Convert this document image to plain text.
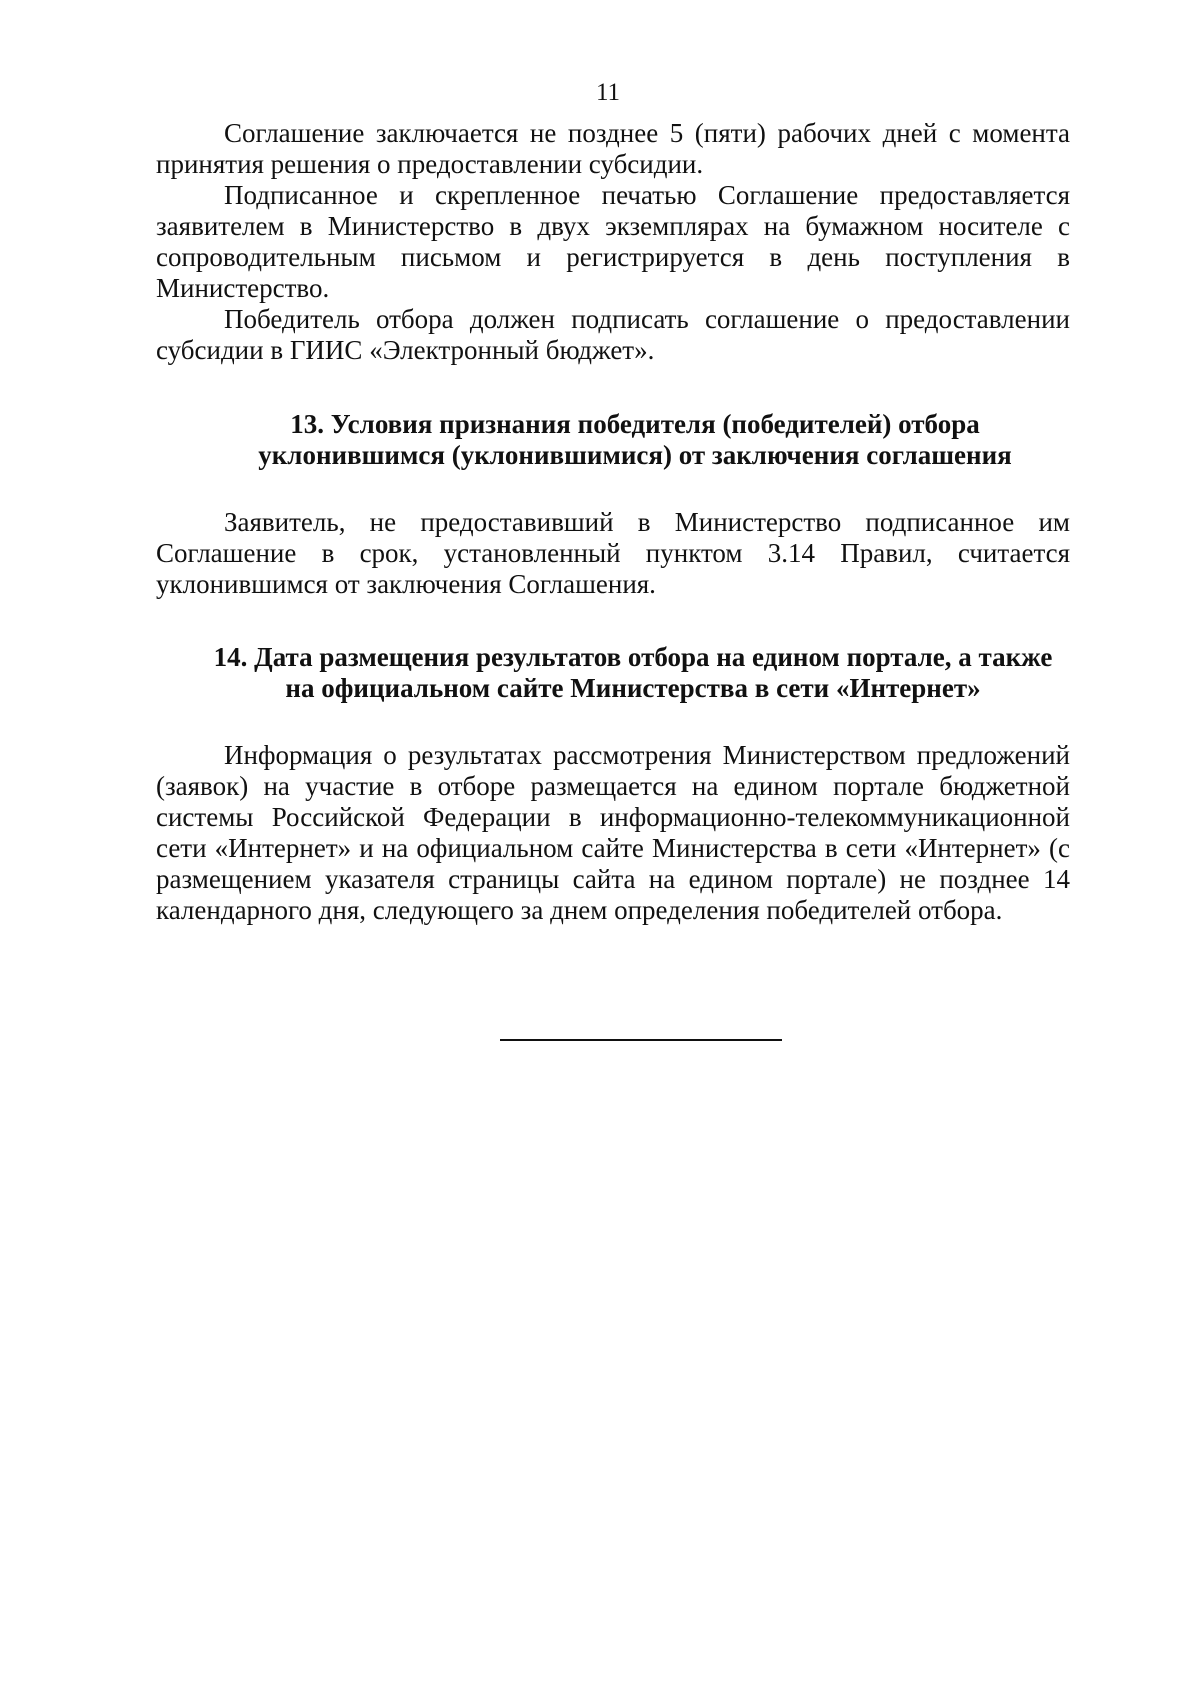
11

Соглашение заключается не позднее 5 (пяти) рабочих дней с момента принятия решения о предоставлении субсидии.

Подписанное и скрепленное печатью Соглашение предоставляется заявителем в Министерство в двух экземплярах на бумажном носителе с сопроводительным письмом и регистрируется в день поступления в Министерство.

Победитель отбора должен подписать соглашение о предоставлении субсидии в ГИИС «Электронный бюджет».

13. Условия признания победителя (победителей) отбора
уклонившимся (уклонившимися) от заключения соглашения

Заявитель, не предоставивший в Министерство подписанное им Соглашение в срок, установленный пунктом 3.14 Правил, считается уклонившимся от заключения Соглашения.

14. Дата размещения результатов отбора на едином портале, а также
на официальном сайте Министерства в сети «Интернет»

Информация о результатах рассмотрения Министерством предложений (заявок) на участие в отборе размещается на едином портале бюджетной системы Российской Федерации в информационно-телекоммуникационной сети «Интернет» и на официальном сайте Министерства в сети «Интернет» (с размещением указателя страницы сайта на едином портале) не позднее 14 календарного дня, следующего за днем определения победителей отбора.
